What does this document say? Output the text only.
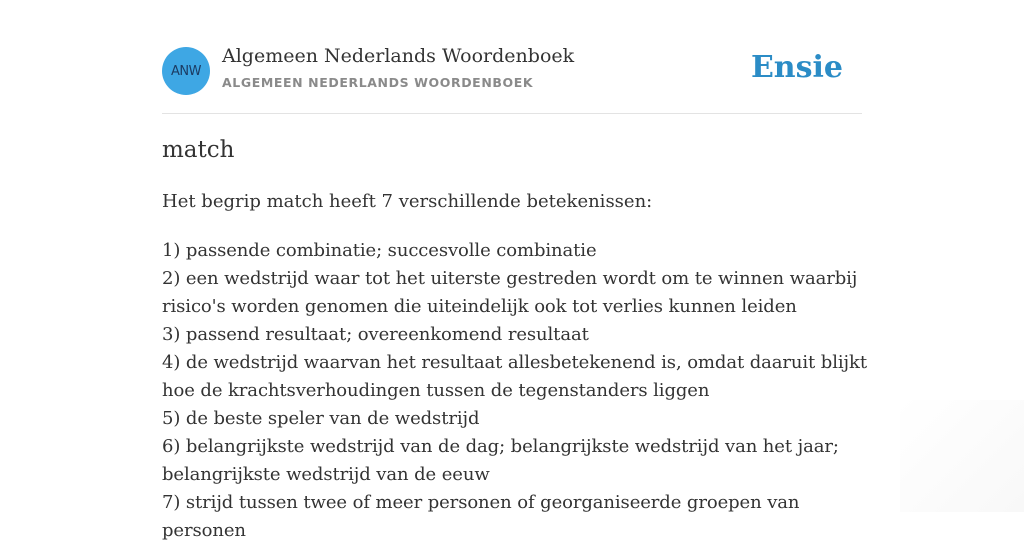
ANW
Algemeen Nederlands Woordenboek
ALGEMEEN NEDERLANDS WOORDENBOEK	Ensie
match

Het begrip match heeft 7 verschillende betekenissen:

1) passende combinatie; succesvolle combinatie
2) een wedstrijd waar tot het uiterste gestreden wordt om te winnen waarbij risico's worden genomen die uiteindelijk ook tot verlies kunnen leiden
3) passend resultaat; overeenkomend resultaat
4) de wedstrijd waarvan het resultaat allesbetekenend is, omdat daaruit blijkt hoe de krachtsverhoudingen tussen de tegenstanders liggen
5) de beste speler van de wedstrijd
6) belangrijkste wedstrijd van de dag; belangrijkste wedstrijd van het jaar; belangrijkste wedstrijd van de eeuw
7) strijd tussen twee of meer personen of georganiseerde groepen van personen
